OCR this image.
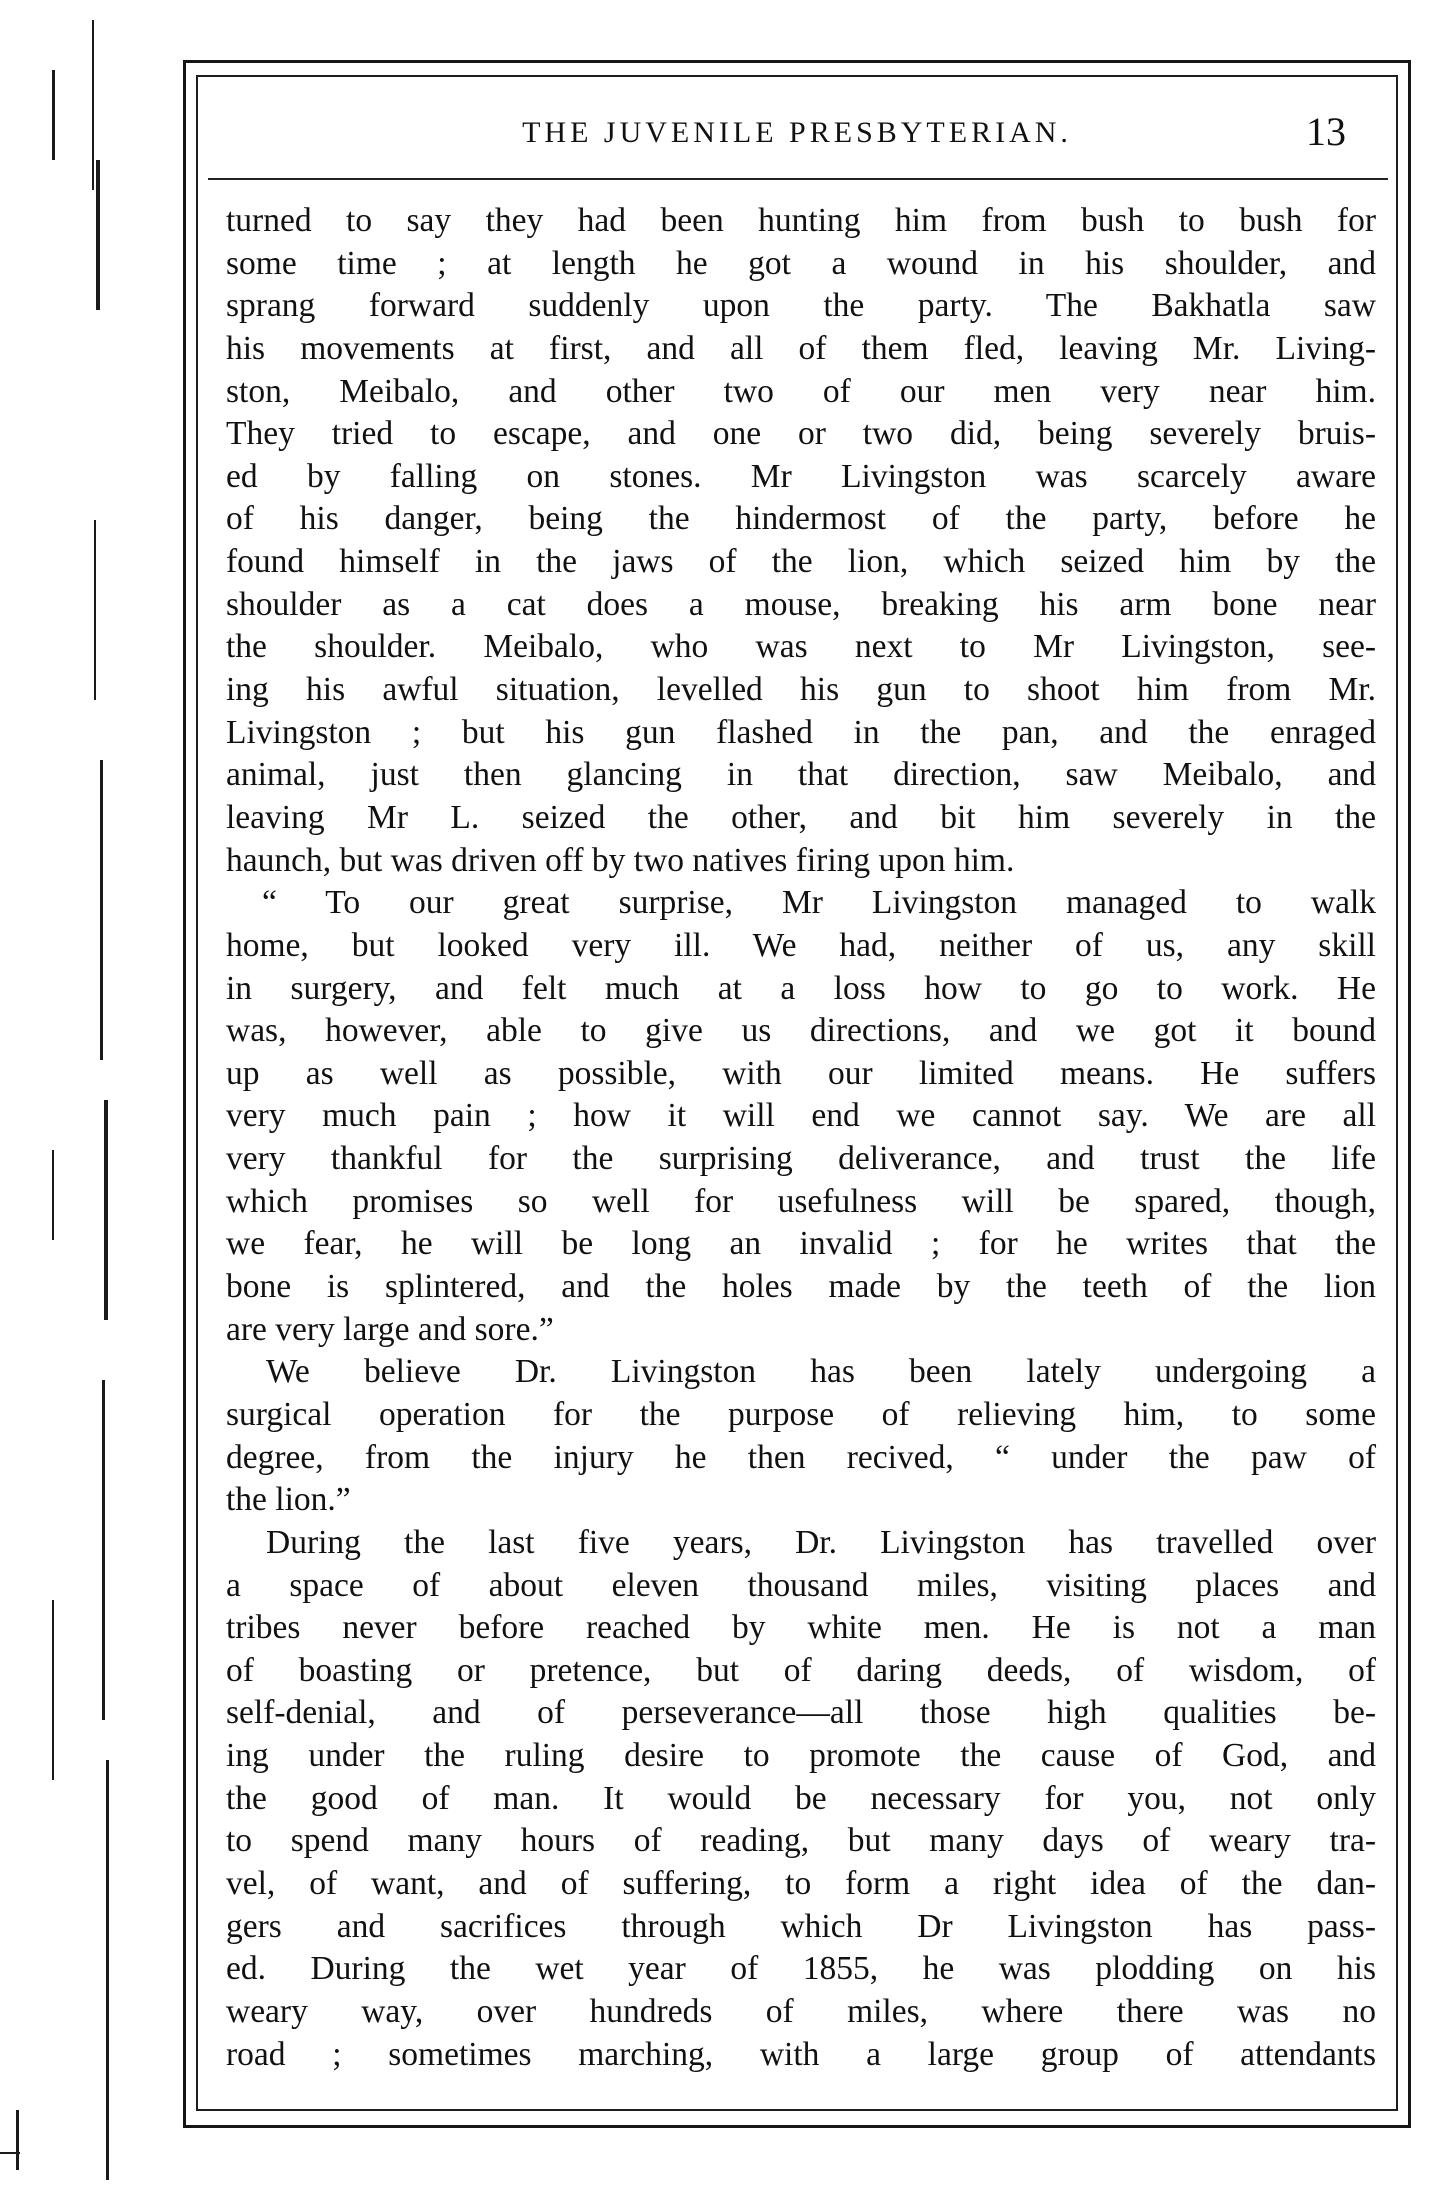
THE JUVENILE PRESBYTERIAN.	13
turned to say they had been hunting him from bush to bush for
some time ; at length he got a wound in his shoulder, and
sprang forward suddenly upon the party. The Bakhatla saw
his movements at first, and all of them fled, leaving Mr. Living-
ston, Meibalo, and other two of our men very near him.
They tried to escape, and one or two did, being severely bruis-
ed by falling on stones. Mr Livingston was scarcely aware
of his danger, being the hindermost of the party, before he
found himself in the jaws of the lion, which seized him by the
shoulder as a cat does a mouse, breaking his arm bone near
the shoulder. Meibalo, who was next to Mr Livingston, see-
ing his awful situation, levelled his gun to shoot him from Mr.
Livingston ; but his gun flashed in the pan, and the enraged
animal, just then glancing in that direction, saw Meibalo, and
leaving Mr L. seized the other, and bit him severely in the
haunch, but was driven off by two natives firing upon him.
“ To our great surprise, Mr Livingston managed to walk
home, but looked very ill. We had, neither of us, any skill
in surgery, and felt much at a loss how to go to work. He
was, however, able to give us directions, and we got it bound
up as well as possible, with our limited means. He suffers
very much pain ; how it will end we cannot say. We are all
very thankful for the surprising deliverance, and trust the life
which promises so well for usefulness will be spared, though,
we fear, he will be long an invalid ; for he writes that the
bone is splintered, and the holes made by the teeth of the lion
are very large and sore.”
We believe Dr. Livingston has been lately undergoing a
surgical operation for the purpose of relieving him, to some
degree, from the injury he then recived, “ under the paw of
the lion.”
During the last five years, Dr. Livingston has travelled over
a space of about eleven thousand miles, visiting places and
tribes never before reached by white men. He is not a man
of boasting or pretence, but of daring deeds, of wisdom, of
self-denial, and of perseverance—all those high qualities be-
ing under the ruling desire to promote the cause of God, and
the good of man. It would be necessary for you, not only
to spend many hours of reading, but many days of weary tra-
vel, of want, and of suffering, to form a right idea of the dan-
gers and sacrifices through which Dr Livingston has pass-
ed. During the wet year of 1855, he was plodding on his
weary way, over hundreds of miles, where there was no
road ; sometimes marching, with a large group of attendants
